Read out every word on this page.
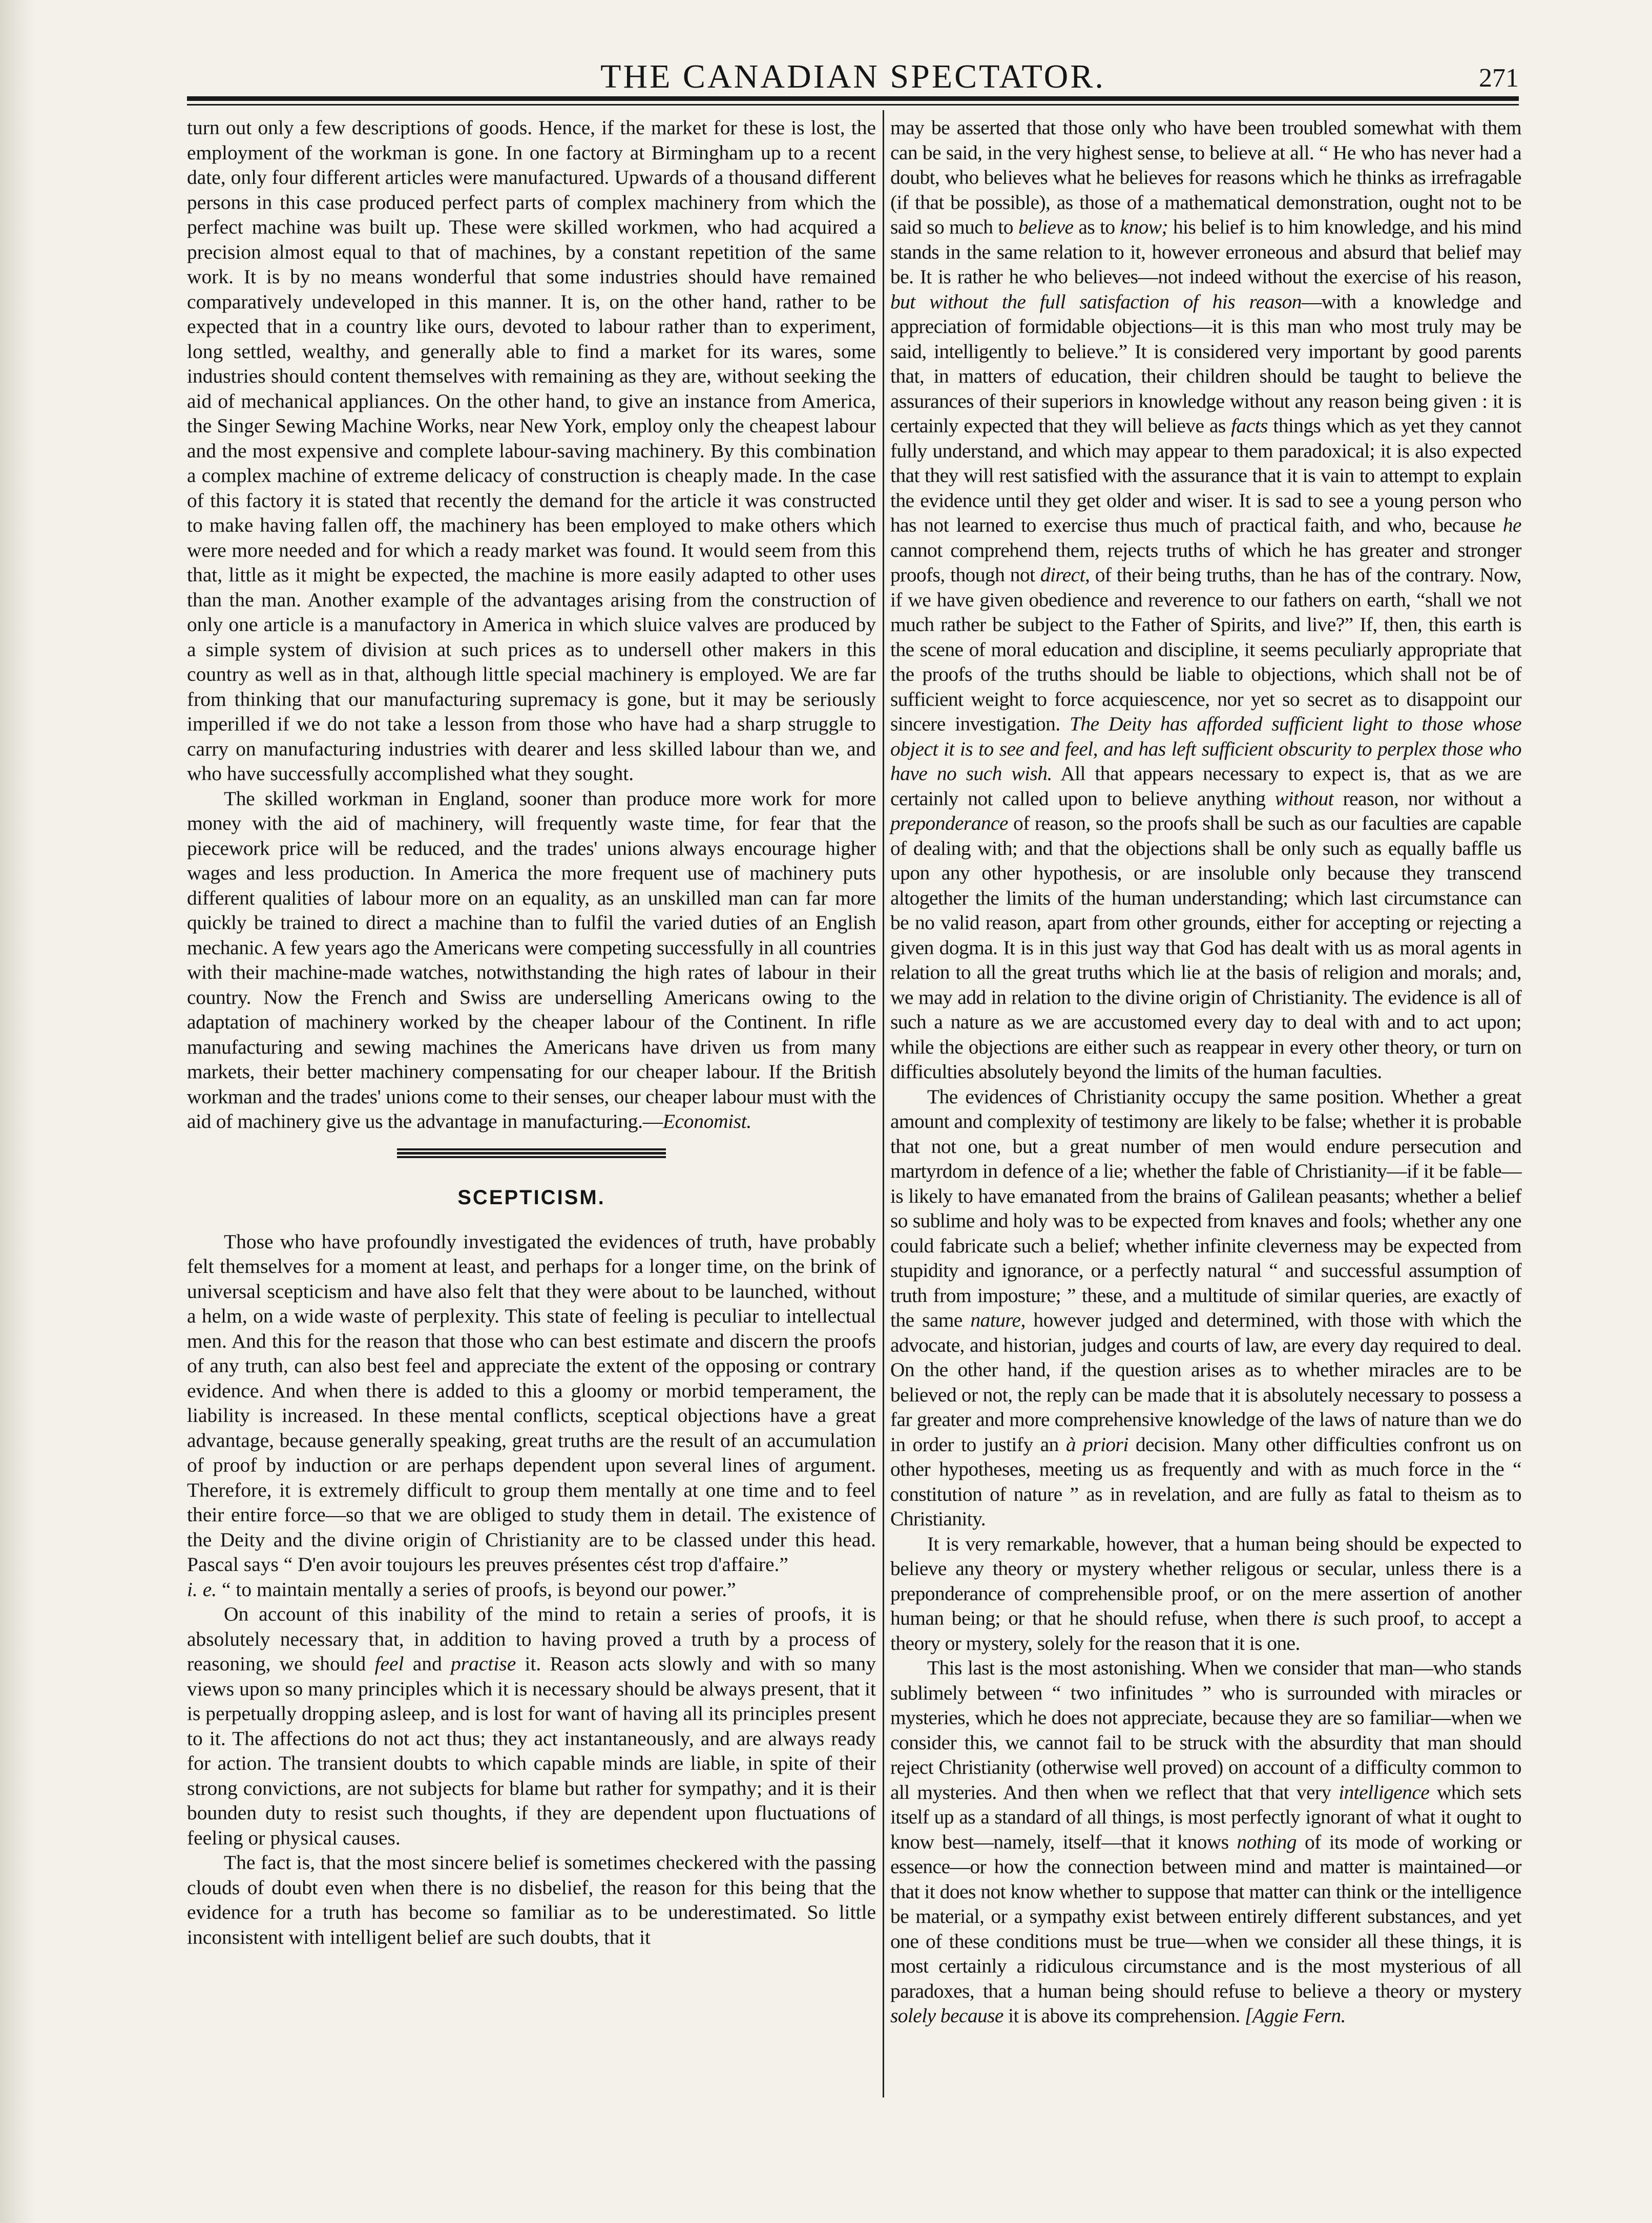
THE CANADIAN SPECTATOR.	271

turn out only a few descriptions of goods. Hence, if the market for these is lost, the employment of the workman is gone. In one factory at Birmingham up to a recent date, only four different articles were manufactured. Upwards of a thousand different persons in this case produced perfect parts of complex machinery from which the perfect machine was built up. These were skilled workmen, who had acquired a precision almost equal to that of machines, by a constant repetition of the same work. It is by no means wonderful that some industries should have remained comparatively undeveloped in this manner. It is, on the other hand, rather to be expected that in a country like ours, devoted to labour rather than to experiment, long settled, wealthy, and generally able to find a market for its wares, some industries should content themselves with remaining as they are, without seeking the aid of mechanical appliances. On the other hand, to give an instance from America, the Singer Sewing Machine Works, near New York, employ only the cheapest labour and the most expensive and complete labour-saving machinery. By this combination a complex machine of extreme delicacy of construction is cheaply made. In the case of this factory it is stated that recently the demand for the article it was constructed to make having fallen off, the machinery has been employed to make others which were more needed and for which a ready market was found. It would seem from this that, little as it might be expected, the machine is more easily adapted to other uses than the man. Another example of the advantages arising from the construction of only one article is a manufactory in America in which sluice valves are produced by a simple system of division at such prices as to undersell other makers in this country as well as in that, although little special machinery is employed. We are far from thinking that our manufacturing supremacy is gone, but it may be seriously imperilled if we do not take a lesson from those who have had a sharp struggle to carry on manufacturing industries with dearer and less skilled labour than we, and who have successfully accomplished what they sought.

The skilled workman in England, sooner than produce more work for more money with the aid of machinery, will frequently waste time, for fear that the piecework price will be reduced, and the trades' unions always encourage higher wages and less production. In America the more frequent use of machinery puts different qualities of labour more on an equality, as an unskilled man can far more quickly be trained to direct a machine than to fulfil the varied duties of an English mechanic. A few years ago the Americans were competing successfully in all countries with their machine-made watches, notwithstanding the high rates of labour in their country. Now the French and Swiss are underselling Americans owing to the adaptation of machinery worked by the cheaper labour of the Continent. In rifle manufacturing and sewing machines the Americans have driven us from many markets, their better machinery compensating for our cheaper labour. If the British workman and the trades' unions come to their senses, our cheaper labour must with the aid of machinery give us the advantage in manufacturing.—Economist.

SCEPTICISM.

Those who have profoundly investigated the evidences of truth, have probably felt themselves for a moment at least, and perhaps for a longer time, on the brink of universal scepticism and have also felt that they were about to be launched, without a helm, on a wide waste of perplexity. This state of feeling is peculiar to intellectual men. And this for the reason that those who can best estimate and discern the proofs of any truth, can also best feel and appreciate the extent of the opposing or contrary evidence. And when there is added to this a gloomy or morbid temperament, the liability is increased. In these mental conflicts, sceptical objections have a great advantage, because generally speaking, great truths are the result of an accumulation of proof by induction or are perhaps dependent upon several lines of argument. Therefore, it is extremely difficult to group them mentally at one time and to feel their entire force—so that we are obliged to study them in detail. The existence of the Deity and the divine origin of Christianity are to be classed under this head. Pascal says “ D'en avoir toujours les preuves présentes cést trop d'affaire.”
i. e. “ to maintain mentally a series of proofs, is beyond our power.”

On account of this inability of the mind to retain a series of proofs, it is absolutely necessary that, in addition to having proved a truth by a process of reasoning, we should feel and practise it. Reason acts slowly and with so many views upon so many principles which it is necessary should be always present, that it is perpetually dropping asleep, and is lost for want of having all its principles present to it. The affections do not act thus; they act instantaneously, and are always ready for action. The transient doubts to which capable minds are liable, in spite of their strong convictions, are not subjects for blame but rather for sympathy; and it is their bounden duty to resist such thoughts, if they are dependent upon fluctuations of feeling or physical causes.

The fact is, that the most sincere belief is sometimes checkered with the passing clouds of doubt even when there is no disbelief, the reason for this being that the evidence for a truth has become so familiar as to be underestimated. So little inconsistent with intelligent belief are such doubts, that it

may be asserted that those only who have been troubled somewhat with them can be said, in the very highest sense, to believe at all. “ He who has never had a doubt, who believes what he believes for reasons which he thinks as irrefragable (if that be possible), as those of a mathematical demonstration, ought not to be said so much to believe as to know; his belief is to him knowledge, and his mind stands in the same relation to it, however erroneous and absurd that belief may be. It is rather he who believes—not indeed without the exercise of his reason, but without the full satisfaction of his reason—with a knowledge and appreciation of formidable objections—it is this man who most truly may be said, intelligently to believe.” It is considered very important by good parents that, in matters of education, their children should be taught to believe the assurances of their superiors in knowledge without any reason being given : it is certainly expected that they will believe as facts things which as yet they cannot fully understand, and which may appear to them paradoxical; it is also expected that they will rest satisfied with the assurance that it is vain to attempt to explain the evidence until they get older and wiser. It is sad to see a young person who has not learned to exercise thus much of practical faith, and who, because he cannot comprehend them, rejects truths of which he has greater and stronger proofs, though not direct, of their being truths, than he has of the contrary. Now, if we have given obedience and reverence to our fathers on earth, “shall we not much rather be subject to the Father of Spirits, and live?” If, then, this earth is the scene of moral education and discipline, it seems peculiarly appropriate that the proofs of the truths should be liable to objections, which shall not be of sufficient weight to force acquiescence, nor yet so secret as to disappoint our sincere investigation. The Deity has afforded sufficient light to those whose object it is to see and feel, and has left sufficient obscurity to perplex those who have no such wish. All that appears necessary to expect is, that as we are certainly not called upon to believe anything without reason, nor without a preponderance of reason, so the proofs shall be such as our faculties are capable of dealing with; and that the objections shall be only such as equally baffle us upon any other hypothesis, or are insoluble only because they transcend altogether the limits of the human understanding; which last circumstance can be no valid reason, apart from other grounds, either for accepting or rejecting a given dogma. It is in this just way that God has dealt with us as moral agents in relation to all the great truths which lie at the basis of religion and morals; and, we may add in relation to the divine origin of Christianity. The evidence is all of such a nature as we are accustomed every day to deal with and to act upon; while the objections are either such as reappear in every other theory, or turn on difficulties absolutely beyond the limits of the human faculties.

The evidences of Christianity occupy the same position. Whether a great amount and complexity of testimony are likely to be false; whether it is probable that not one, but a great number of men would endure persecution and martyrdom in defence of a lie; whether the fable of Christianity—if it be fable—is likely to have emanated from the brains of Galilean peasants; whether a belief so sublime and holy was to be expected from knaves and fools; whether any one could fabricate such a belief; whether infinite cleverness may be expected from stupidity and ignorance, or a perfectly natural “ and successful assumption of truth from imposture; ” these, and a multitude of similar queries, are exactly of the same nature, however judged and determined, with those with which the advocate, and historian, judges and courts of law, are every day required to deal. On the other hand, if the question arises as to whether miracles are to be believed or not, the reply can be made that it is absolutely necessary to possess a far greater and more comprehensive knowledge of the laws of nature than we do in order to justify an à priori decision. Many other difficulties confront us on other hypotheses, meeting us as frequently and with as much force in the “ constitution of nature ” as in revelation, and are fully as fatal to theism as to Christianity.

It is very remarkable, however, that a human being should be expected to believe any theory or mystery whether religous or secular, unless there is a preponderance of comprehensible proof, or on the mere assertion of another human being; or that he should refuse, when there is such proof, to accept a theory or mystery, solely for the reason that it is one.

This last is the most astonishing. When we consider that man—who stands sublimely between “ two infinitudes ” who is surrounded with miracles or mysteries, which he does not appreciate, because they are so familiar—when we consider this, we cannot fail to be struck with the absurdity that man should reject Christianity (otherwise well proved) on account of a difficulty common to all mysteries. And then when we reflect that that very intelligence which sets itself up as a standard of all things, is most perfectly ignorant of what it ought to know best—namely, itself—that it knows nothing of its mode of working or essence—or how the connection between mind and matter is maintained—or that it does not know whether to suppose that matter can think or the intelligence be material, or a sympathy exist between entirely different substances, and yet one of these conditions must be true—when we consider all these things, it is most certainly a ridiculous circumstance and is the most mysterious of all paradoxes, that a human being should refuse to believe a theory or mystery solely because it is above its comprehension. [Aggie Fern.
